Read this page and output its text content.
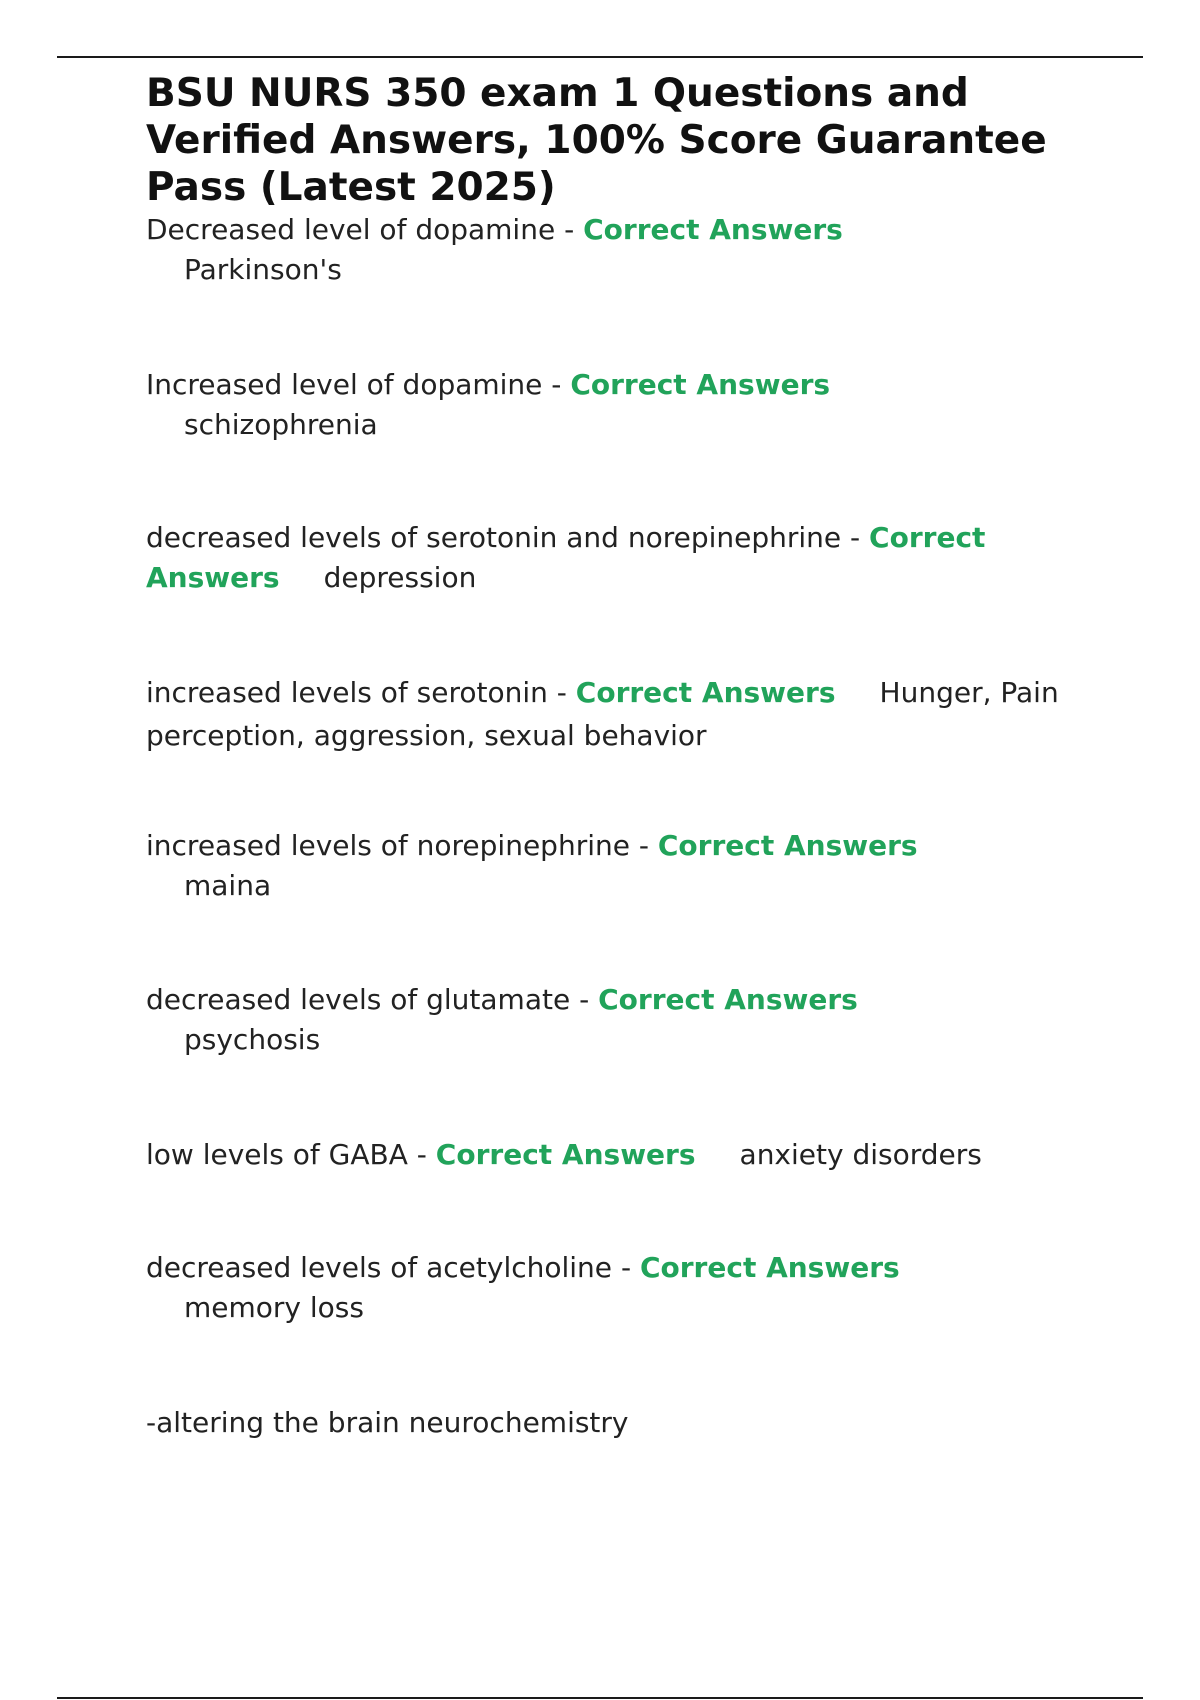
BSU NURS 350 exam 1 Questions and Verified Answers, 100% Score Guarantee Pass (Latest 2025)
Decreased level of dopamine - Correct Answers
Parkinson's
Increased level of dopamine - Correct Answers
schizophrenia
decreased levels of serotonin and norepinephrine - Correct Answers depression
increased levels of serotonin - Correct Answers Hunger, Pain perception, aggression, sexual behavior
increased levels of norepinephrine - Correct Answers
maina
decreased levels of glutamate - Correct Answers
psychosis
low levels of GABA - Correct Answers anxiety disorders
decreased levels of acetylcholine - Correct Answers
memory loss
-altering the brain neurochemistry
